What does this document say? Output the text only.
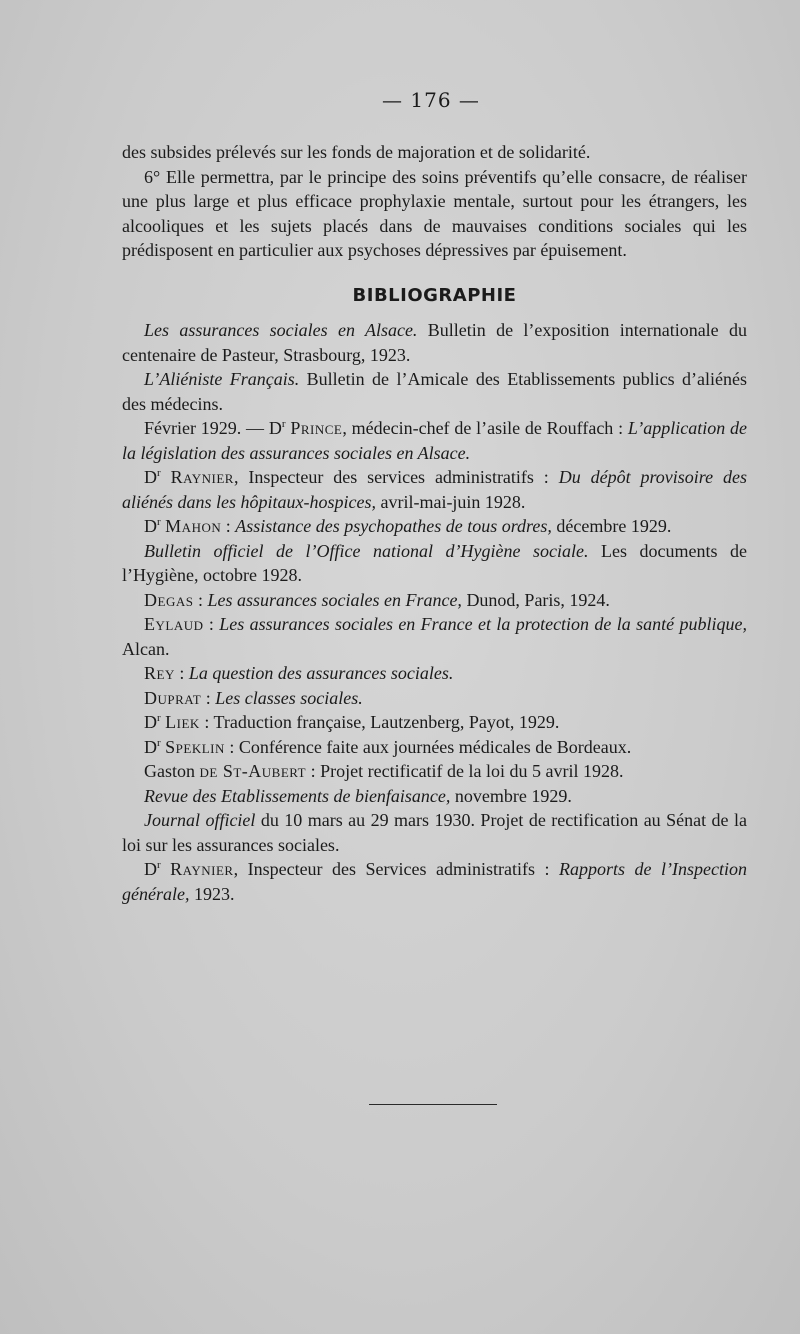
— 176 —

des subsides prélevés sur les fonds de majoration et de solidarité.

6° Elle permettra, par le principe des soins préventifs qu’elle consacre, de réaliser une plus large et plus efficace prophylaxie mentale, surtout pour les étrangers, les alcooliques et les sujets placés dans de mauvaises conditions sociales qui les prédisposent en particulier aux psychoses dépressives par épuisement.

BIBLIOGRAPHIE

Les assurances sociales en Alsace. Bulletin de l’exposition internationale du centenaire de Pasteur, Strasbourg, 1923.

L’Aliéniste Français. Bulletin de l’Amicale des Etablissements publics d’aliénés des médecins.

Février 1929. — $D^r$ Prince, médecin-chef de l’asile de Rouffach : L’application de la législation des assurances sociales en Alsace.

$D^r$ Raynier, Inspecteur des services administratifs : Du dépôt provisoire des aliénés dans les hôpitaux-hospices, avril-mai-juin 1928.

$D^r$ Mahon : Assistance des psychopathes de tous ordres, décembre 1929.

Bulletin officiel de l’Office national d’Hygiène sociale. Les documents de l’Hygiène, octobre 1928.

Degas : Les assurances sociales en France, Dunod, Paris, 1924.

Eylaud : Les assurances sociales en France et la protection de la santé publique, Alcan.

Rey : La question des assurances sociales.

Duprat : Les classes sociales.

$D^r$ Liek : Traduction française, Lautzenberg, Payot, 1929.

$D^r$ Speklin : Conférence faite aux journées médicales de Bordeaux.

Gaston de St-Aubert : Projet rectificatif de la loi du 5 avril 1928.

Revue des Etablissements de bienfaisance, novembre 1929.

Journal officiel du 10 mars au 29 mars 1930. Projet de rectification au Sénat de la loi sur les assurances sociales.

$D^r$ Raynier, Inspecteur des Services administratifs : Rapports de l’Inspection générale, 1923.
